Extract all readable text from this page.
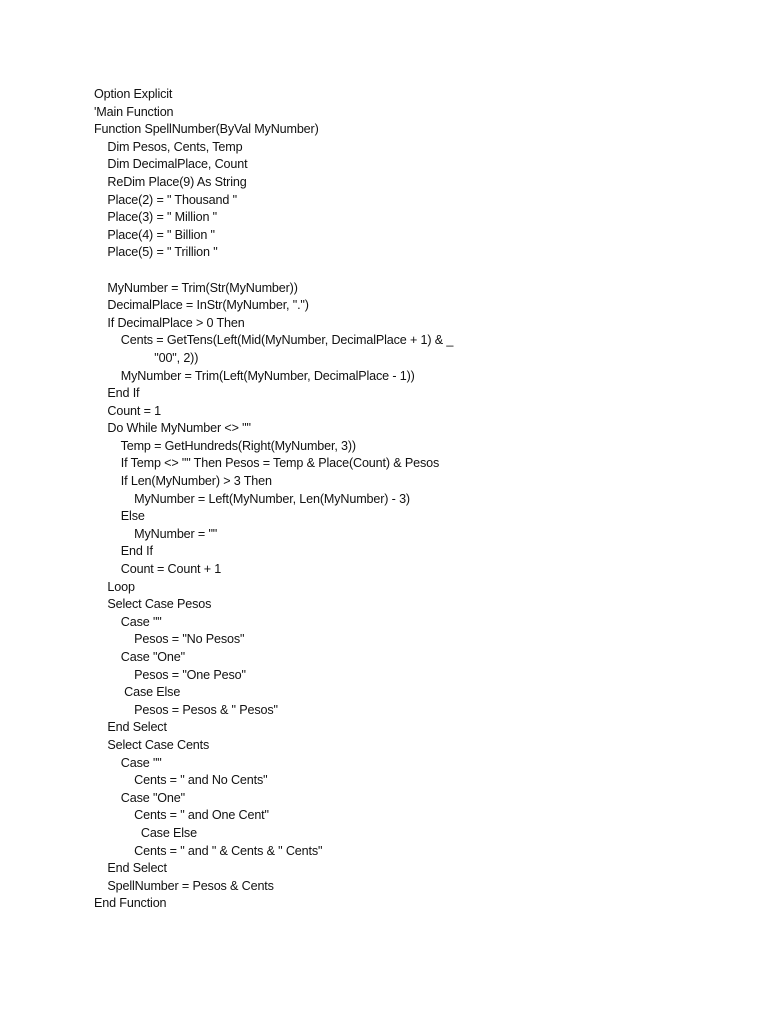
Option Explicit
'Main Function
Function SpellNumber(ByVal MyNumber)
Dim Pesos, Cents, Temp
Dim DecimalPlace, Count
ReDim Place(9) As String
Place(2) = " Thousand "
Place(3) = " Million "
Place(4) = " Billion "
Place(5) = " Trillion "
MyNumber = Trim(Str(MyNumber))
DecimalPlace = InStr(MyNumber, ".")
If DecimalPlace > 0 Then
Cents = GetTens(Left(Mid(MyNumber, DecimalPlace + 1) & _
"00", 2))
MyNumber = Trim(Left(MyNumber, DecimalPlace - 1))
End If
Count = 1
Do While MyNumber <> ""
Temp = GetHundreds(Right(MyNumber, 3))
If Temp <> "" Then Pesos = Temp & Place(Count) & Pesos
If Len(MyNumber) > 3 Then
MyNumber = Left(MyNumber, Len(MyNumber) - 3)
Else
MyNumber = ""
End If
Count = Count + 1
Loop
Select Case Pesos
Case ""
Pesos = "No Pesos"
Case "One"
Pesos = "One Peso"
Case Else
Pesos = Pesos & " Pesos"
End Select
Select Case Cents
Case ""
Cents = " and No Cents"
Case "One"
Cents = " and One Cent"
Case Else
Cents = " and " & Cents & " Cents"
End Select
SpellNumber = Pesos & Cents
End Function
